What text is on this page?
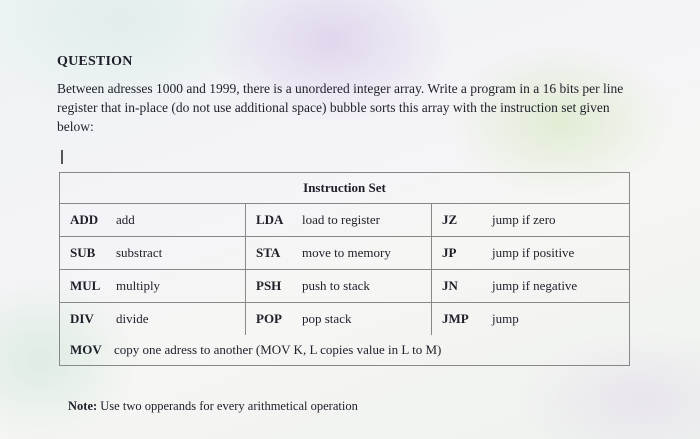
QUESTION
Between adresses 1000 and 1999, there is a unordered integer array. Write a program in a 16 bits per line register that in-place (do not use additional space) bubble sorts this array with the instruction set given below:
Instruction Set		
ADD add	LDA load to register	JZ jump if zero
SUB substract	STA move to memory	JP jump if positive
MUL multiply	PSH push to stack	JN jump if negative
DIV divide	POP pop stack	JMP jump
MOV copy one adress to another (MOV K, L copies value in L to M)		
Note: Use two opperands for every arithmetical operation
